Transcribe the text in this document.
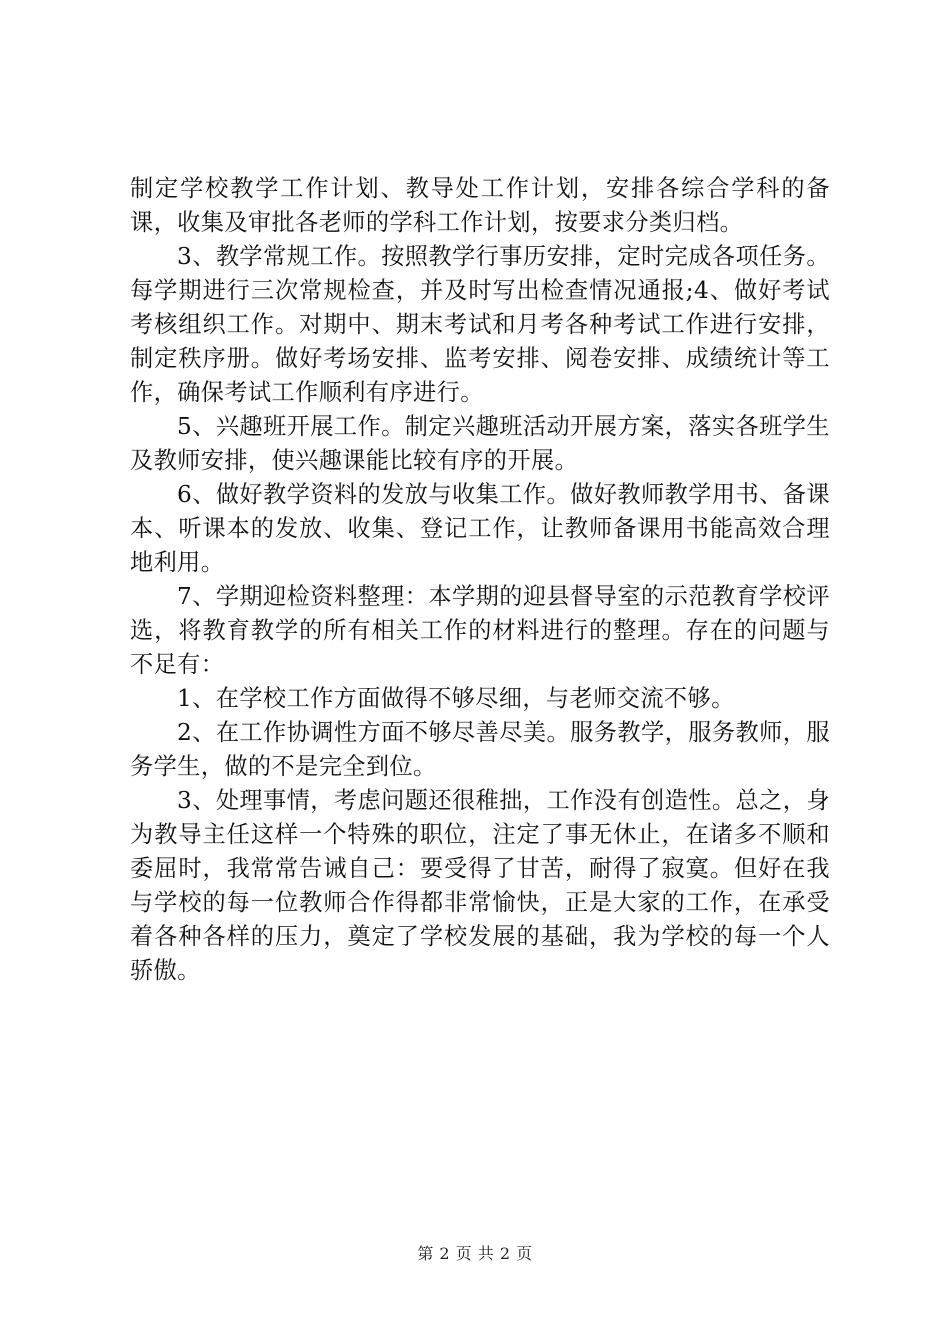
制定学校教学工作计划、教导处工作计划，安排各综合学科的备课，收集及审批各老师的学科工作计划，按要求分类归档。

3、教学常规工作。按照教学行事历安排，定时完成各项任务。每学期进行三次常规检查，并及时写出检查情况通报;4、做好考试考核组织工作。对期中、期末考试和月考各种考试工作进行安排，制定秩序册。做好考场安排、监考安排、阅卷安排、成绩统计等工作，确保考试工作顺利有序进行。

5、兴趣班开展工作。制定兴趣班活动开展方案，落实各班学生及教师安排，使兴趣课能比较有序的开展。

6、做好教学资料的发放与收集工作。做好教师教学用书、备课本、听课本的发放、收集、登记工作，让教师备课用书能高效合理地利用。

7、学期迎检资料整理：本学期的迎县督导室的示范教育学校评选，将教育教学的所有相关工作的材料进行的整理。存在的问题与不足有：

1、在学校工作方面做得不够尽细，与老师交流不够。

2、在工作协调性方面不够尽善尽美。服务教学，服务教师，服务学生，做的不是完全到位。

3、处理事情，考虑问题还很稚拙，工作没有创造性。总之，身为教导主任这样一个特殊的职位，注定了事无休止，在诸多不顺和委屈时，我常常告诫自己：要受得了甘苦，耐得了寂寞。但好在我与学校的每一位教师合作得都非常愉快，正是大家的工作，在承受着各种各样的压力，奠定了学校发展的基础，我为学校的每一个人骄傲。

第 2 页 共 2 页
